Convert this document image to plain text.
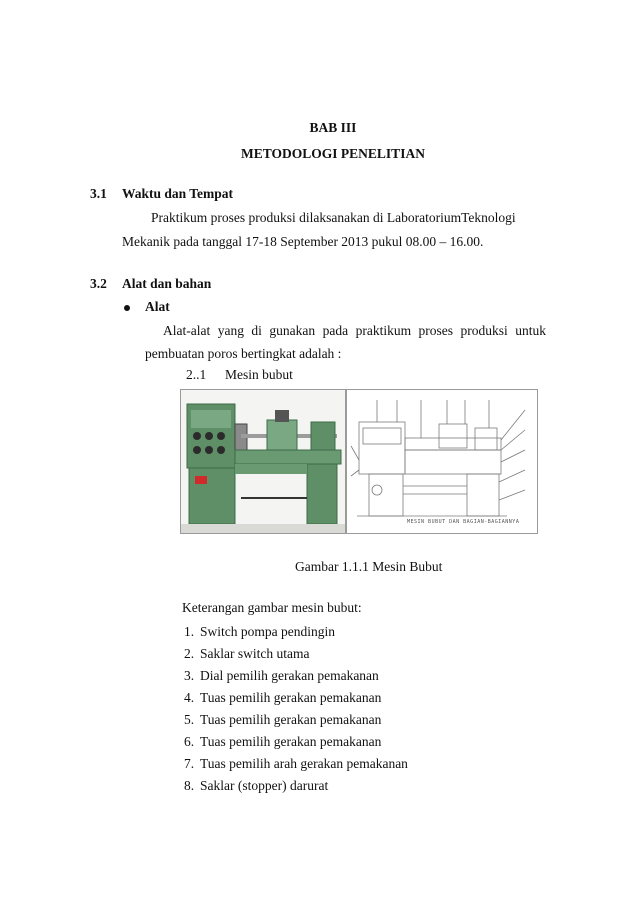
BAB III
METODOLOGI PENELITIAN
3.1 Waktu dan Tempat
Praktikum proses produksi dilaksanakan di LaboratoriumTeknologi
Mekanik pada tanggal 17-18 September 2013 pukul 08.00 – 16.00.
3.2 Alat dan bahan
Alat
Alat-alat yang di gunakan pada praktikum proses produksi untuk
pembuatan poros bertingkat adalah :
2..1 Mesin bubut
MESIN BUBUT DAN BAGIAN-BAGIANNYA
Gambar 1.1.1 Mesin Bubut
Keterangan gambar mesin bubut:
1. Switch pompa pendingin
2. Saklar switch utama
3. Dial pemilih gerakan pemakanan
4. Tuas pemilih gerakan pemakanan
5. Tuas pemilih gerakan pemakanan
6. Tuas pemilih gerakan pemakanan
7. Tuas pemilih arah gerakan pemakanan
8. Saklar (stopper) darurat
